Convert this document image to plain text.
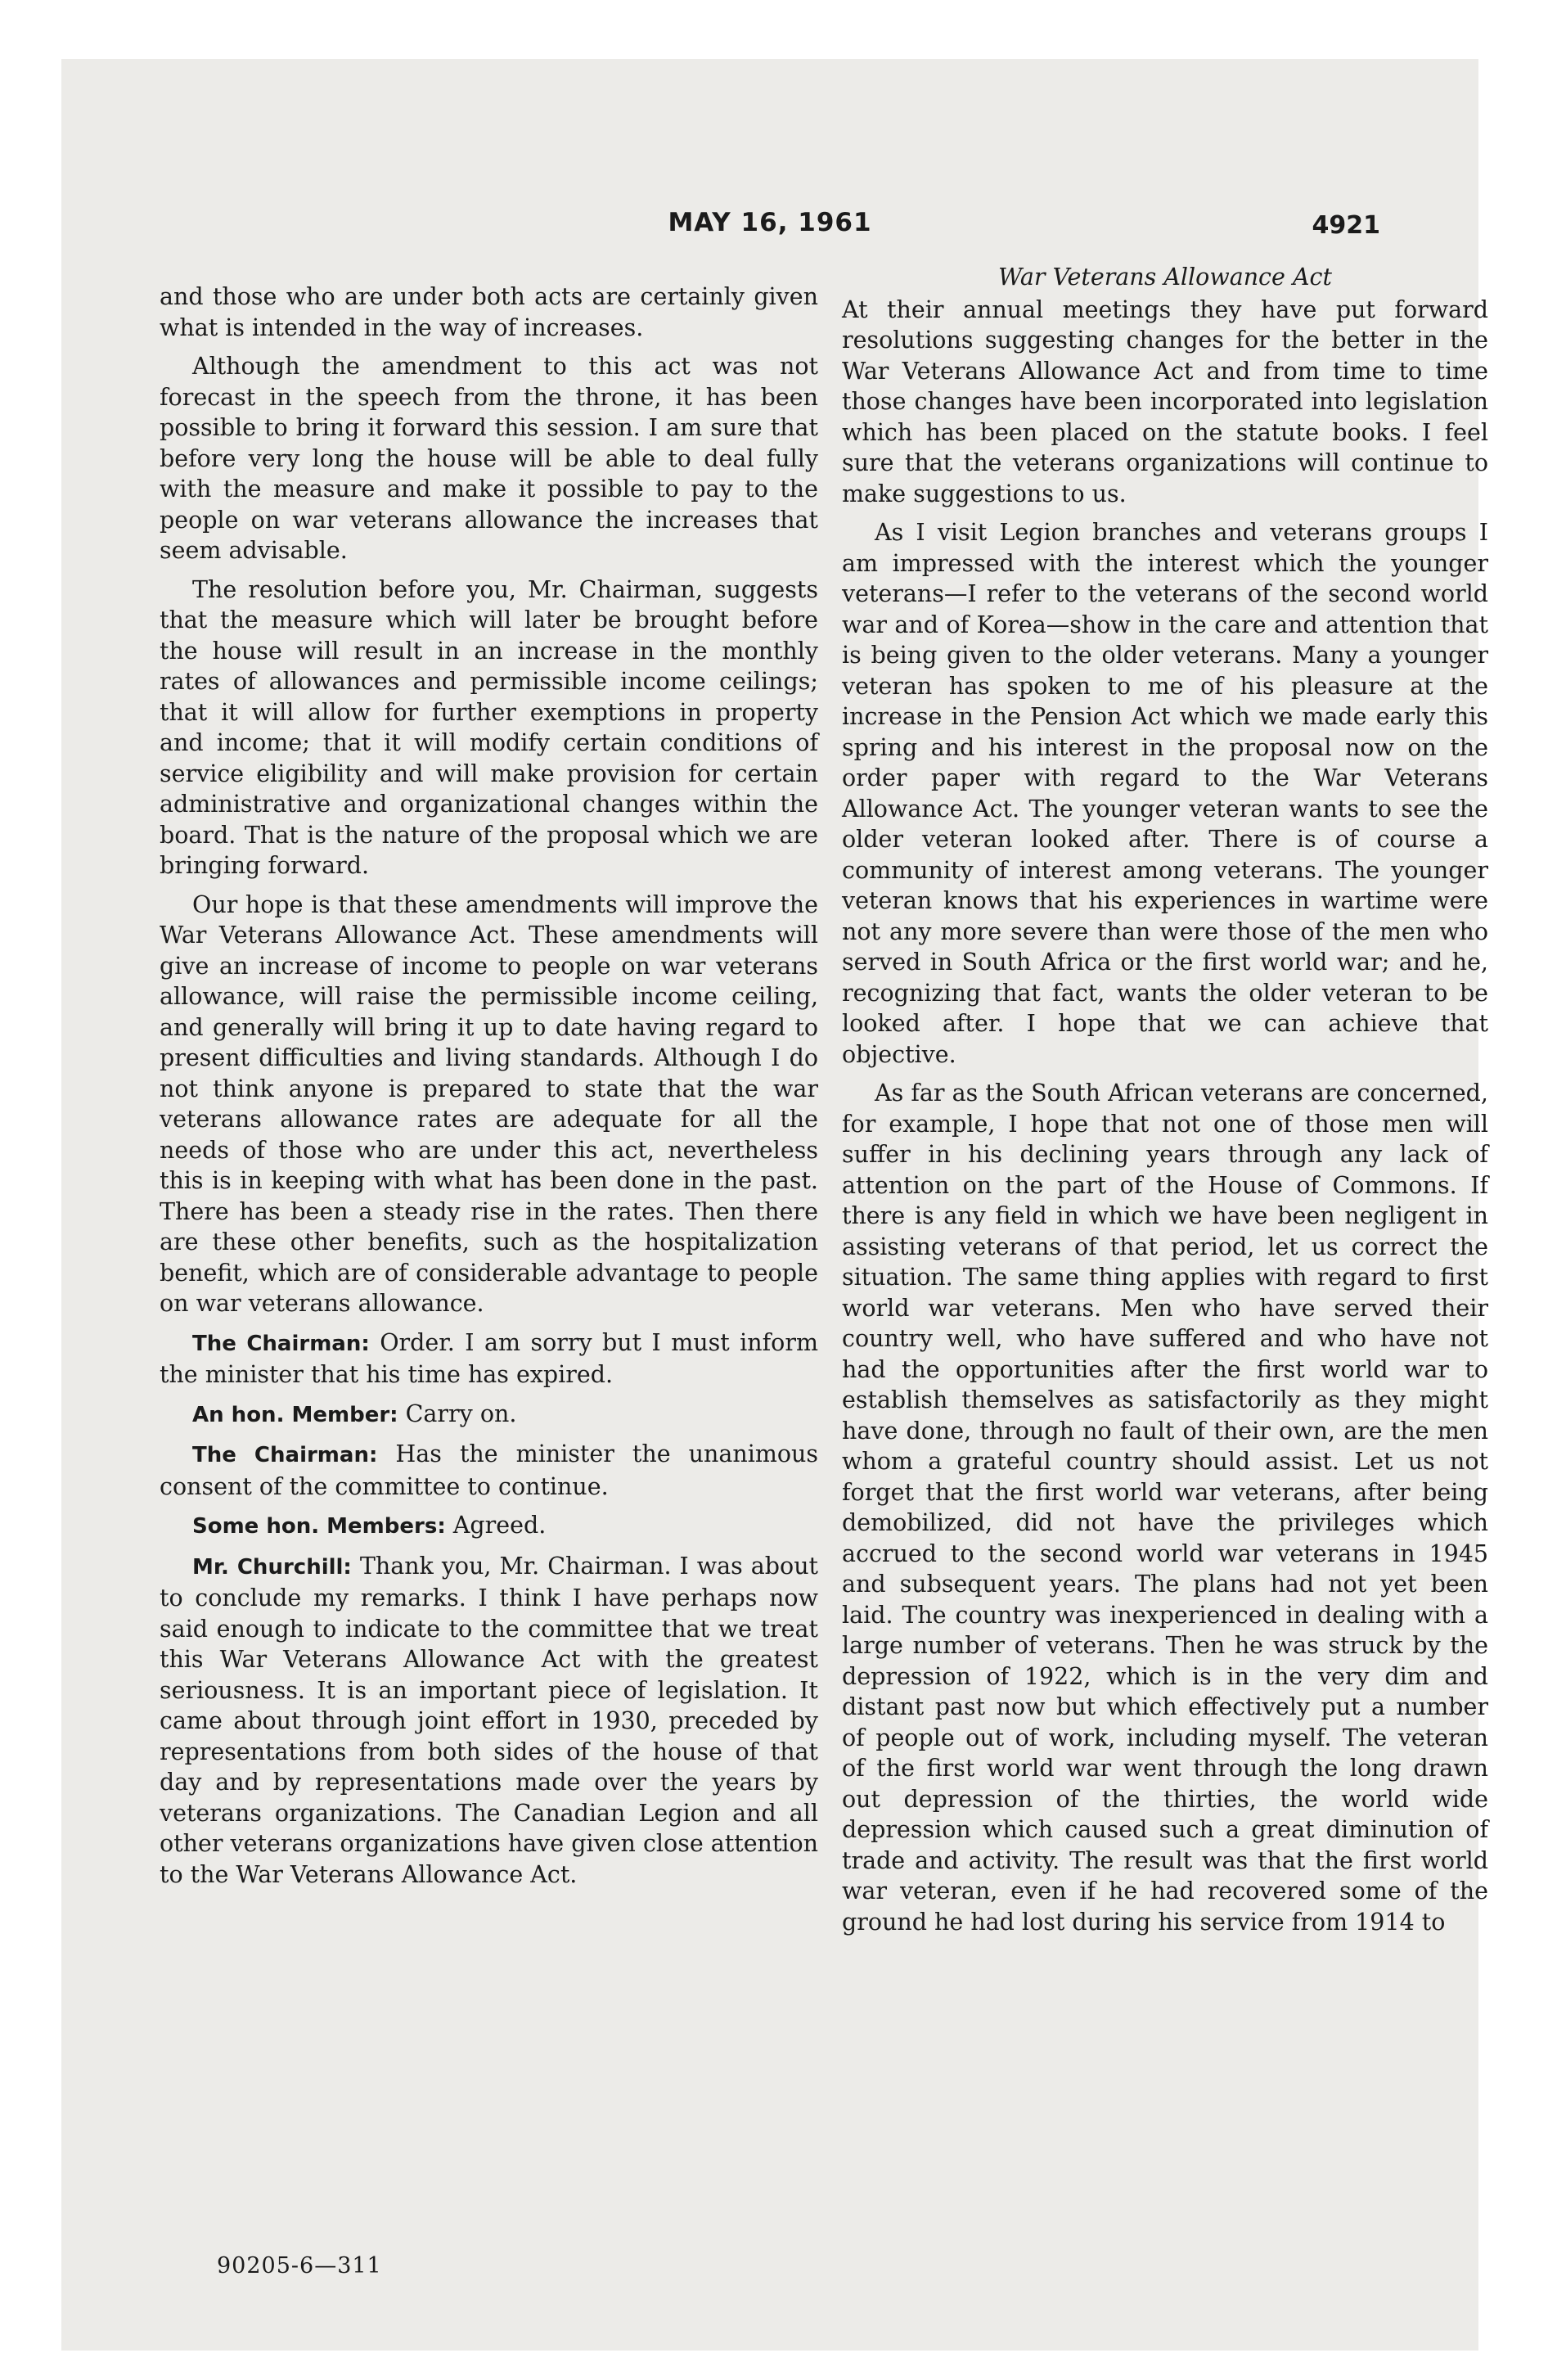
MAY 16, 1961	4921

and those who are under both acts are certainly given what is intended in the way of increases.

Although the amendment to this act was not forecast in the speech from the throne, it has been possible to bring it forward this session. I am sure that before very long the house will be able to deal fully with the measure and make it possible to pay to the people on war veterans allowance the increases that seem advisable.

The resolution before you, Mr. Chairman, suggests that the measure which will later be brought before the house will result in an increase in the monthly rates of allowances and permissible income ceilings; that it will allow for further exemptions in property and income; that it will modify certain conditions of service eligibility and will make provision for certain administrative and organizational changes within the board. That is the nature of the proposal which we are bringing forward.

Our hope is that these amendments will improve the War Veterans Allowance Act. These amendments will give an increase of income to people on war veterans allowance, will raise the permissible income ceiling, and generally will bring it up to date having regard to present difficulties and living standards. Although I do not think anyone is prepared to state that the war veterans allowance rates are adequate for all the needs of those who are under this act, nevertheless this is in keeping with what has been done in the past. There has been a steady rise in the rates. Then there are these other benefits, such as the hospitalization benefit, which are of considerable advantage to people on war veterans allowance.

The Chairman: Order. I am sorry but I must inform the minister that his time has expired.

An hon. Member: Carry on.

The Chairman: Has the minister the unanimous consent of the committee to continue.

Some hon. Members: Agreed.

Mr. Churchill: Thank you, Mr. Chairman. I was about to conclude my remarks. I think I have perhaps now said enough to indicate to the committee that we treat this War Veterans Allowance Act with the greatest seriousness. It is an important piece of legislation. It came about through joint effort in 1930, preceded by representations from both sides of the house of that day and by representations made over the years by veterans organizations. The Canadian Legion and all other veterans organizations have given close attention to the War Veterans Allowance Act.

War Veterans Allowance Act

At their annual meetings they have put forward resolutions suggesting changes for the better in the War Veterans Allowance Act and from time to time those changes have been incorporated into legislation which has been placed on the statute books. I feel sure that the veterans organizations will continue to make suggestions to us.

As I visit Legion branches and veterans groups I am impressed with the interest which the younger veterans—I refer to the veterans of the second world war and of Korea—show in the care and attention that is being given to the older veterans. Many a younger veteran has spoken to me of his pleasure at the increase in the Pension Act which we made early this spring and his interest in the proposal now on the order paper with regard to the War Veterans Allowance Act. The younger veteran wants to see the older veteran looked after. There is of course a community of interest among veterans. The younger veteran knows that his experiences in wartime were not any more severe than were those of the men who served in South Africa or the first world war; and he, recognizing that fact, wants the older veteran to be looked after. I hope that we can achieve that objective.

As far as the South African veterans are concerned, for example, I hope that not one of those men will suffer in his declining years through any lack of attention on the part of the House of Commons. If there is any field in which we have been negligent in assisting veterans of that period, let us correct the situation. The same thing applies with regard to first world war veterans. Men who have served their country well, who have suffered and who have not had the opportunities after the first world war to establish themselves as satisfactorily as they might have done, through no fault of their own, are the men whom a grateful country should assist. Let us not forget that the first world war veterans, after being demobilized, did not have the privileges which accrued to the second world war veterans in 1945 and subsequent years. The plans had not yet been laid. The country was inexperienced in dealing with a large number of veterans. Then he was struck by the depression of 1922, which is in the very dim and distant past now but which effectively put a number of people out of work, including myself. The veteran of the first world war went through the long drawn out depression of the thirties, the world wide depression which caused such a great diminution of trade and activity. The result was that the first world war veteran, even if he had recovered some of the ground he had lost during his service from 1914 to

90205-6—311
